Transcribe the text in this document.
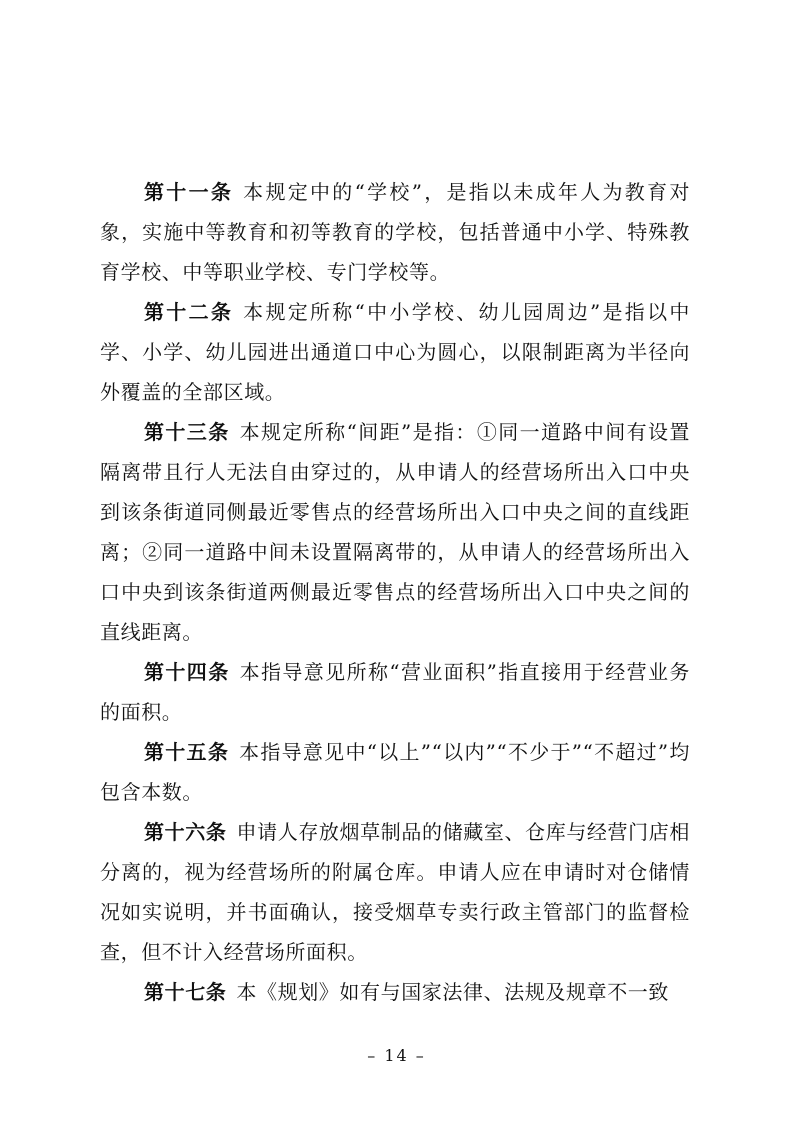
第十一条 本规定中的“学校”，是指以未成年人为教育对象，实施中等教育和初等教育的学校，包括普通中小学、特殊教育学校、中等职业学校、专门学校等。

第十二条 本规定所称“中小学校、幼儿园周边”是指以中学、小学、幼儿园进出通道口中心为圆心，以限制距离为半径向外覆盖的全部区域。

第十三条 本规定所称“间距”是指：①同一道路中间有设置隔离带且行人无法自由穿过的，从申请人的经营场所出入口中央到该条街道同侧最近零售点的经营场所出入口中央之间的直线距离；②同一道路中间未设置隔离带的，从申请人的经营场所出入口中央到该条街道两侧最近零售点的经营场所出入口中央之间的直线距离。

第十四条 本指导意见所称“营业面积”指直接用于经营业务的面积。

第十五条 本指导意见中“以上”“以内”“不少于”“不超过”均包含本数。

第十六条 申请人存放烟草制品的储藏室、仓库与经营门店相分离的，视为经营场所的附属仓库。申请人应在申请时对仓储情况如实说明，并书面确认，接受烟草专卖行政主管部门的监督检查，但不计入经营场所面积。

第十七条 本《规划》如有与国家法律、法规及规章不一致

– 14 –
